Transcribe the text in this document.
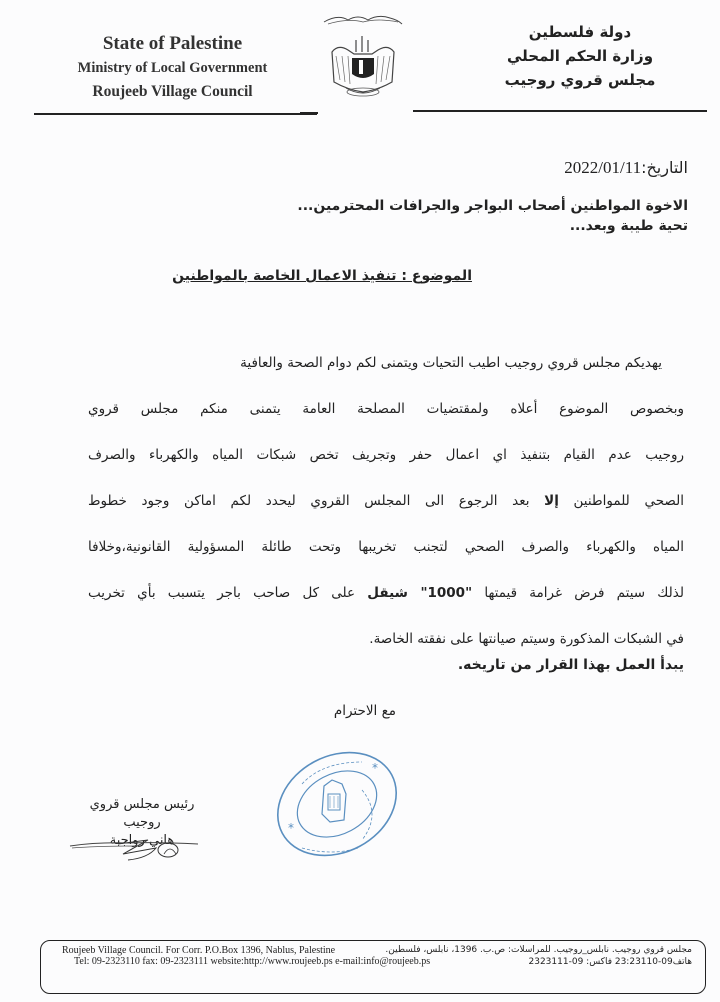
State of Palestine
Ministry of Local Government
Roujeeb Village Council
دولة فلسطين
وزارة الحكم المحلي
مجلس قروي روجيب
التاريخ:2022/01/11
الاخوة المواطنين أصحاب البواجر والجرافات المحترمين...
تحية طيبة وبعد...
الموضوع : تنفيذ الاعمال الخاصة بالمواطنين

يهديكم مجلس قروي روجيب اطيب التحيات ويتمنى لكم دوام الصحة والعافية

وبخصوص الموضوع أعلاه ولمقتضيات المصلحة العامة يتمنى منكم مجلس قروي

روجيب عدم القيام بتنفيذ اي اعمال حفر وتجريف تخص شبكات المياه والكهرباء والصرف

الصحي للمواطنين إلا بعد الرجوع الى المجلس القروي ليحدد لكم اماكن وجود خطوط

المياه والكهرباء والصرف الصحي لتجنب تخريبها وتحت طائلة المسؤولية القانونية،وخلافا

لذلك سيتم فرض غرامة قيمتها "1000" شيقل على كل صاحب باجر يتسبب بأي تخريب

في الشبكات المذكورة وسيتم صيانتها على نفقته الخاصة.

يبدأ العمل بهذا القرار من تاريخه.
مع الاحترام
رئيس مجلس قروي روجيب
هاني رواجبة
*
*
Roujeeb Village Council. For Corr. P.O.Box 1396, Nablus, Palestine
Tel: 09-2323110 fax: 09-2323111 website:http://www.roujeeb.ps e-mail:info@roujeeb.ps
مجلس قروي روجيب. نابلس_روجيب. للمراسلات: ص.ب. 1396، نابلس، فلسطين.
هاتف09-23:23110 فاكس: 09-2323111
